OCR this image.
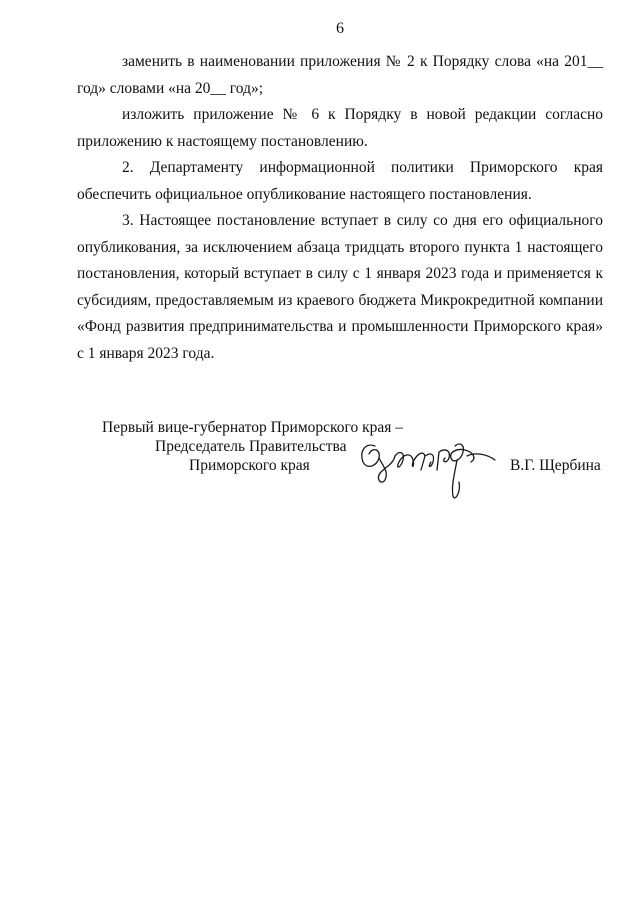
6

заменить в наименовании приложения № 2 к Порядку слова «на 201__ год» словами «на 20__ год»;

изложить приложение № 6 к Порядку в новой редакции согласно приложению к настоящему постановлению.

2. Департаменту информационной политики Приморского края обеспечить официальное опубликование настоящего постановления.

3. Настоящее постановление вступает в силу со дня его официального опубликования, за исключением абзаца тридцать второго пункта 1 настоящего постановления, который вступает в силу с 1 января 2023 года и применяется к субсидиям, предоставляемым из краевого бюджета Микрокредитной компании «Фонд развития предпринимательства и промышленности Приморского края» с 1 января 2023 года.

Первый вице-губернатор Приморского края –
Председатель Правительства
Приморского края	В.Г. Щербина
